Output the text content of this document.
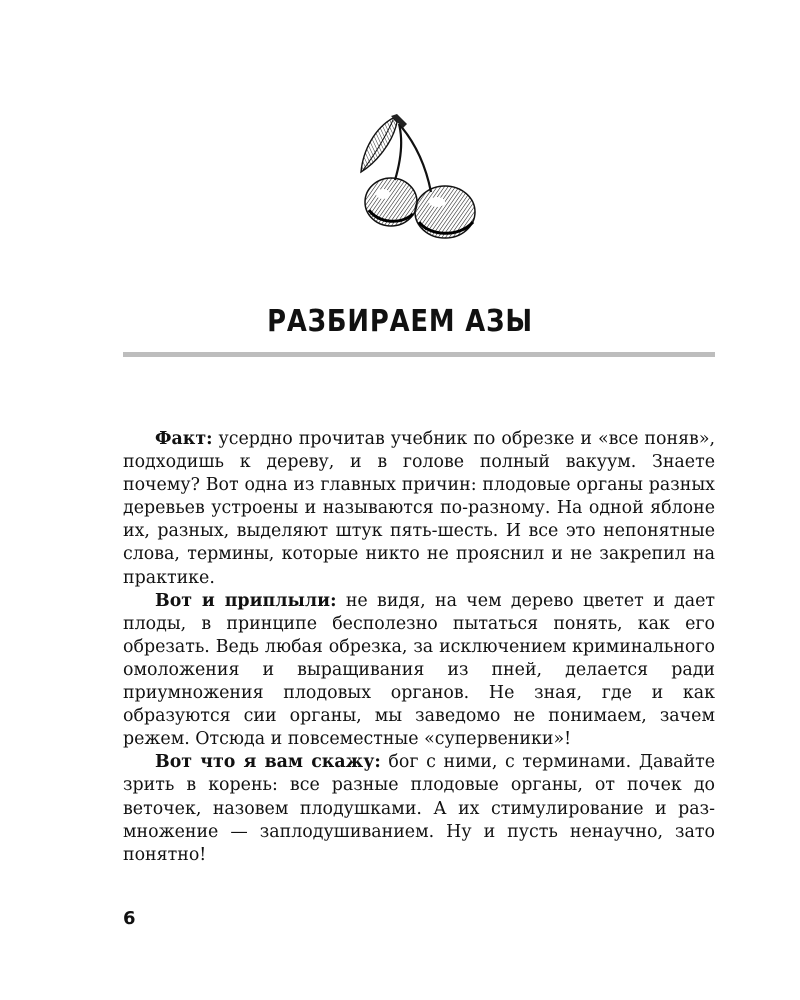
РАЗБИРАЕМ АЗЫ

Факт: усердно прочитав учебник по обрезке и «все поняв», подходишь к дереву, и в голове полный вакуум. Знаете почему? Вот одна из главных причин: плодовые органы разных деревьев устроены и называются по-разному. На одной яблоне их, разных, выделяют штук пять-шесть. И все это непонятные слова, термины, которые никто не прояснил и не закрепил на практике.

Вот и приплыли: не видя, на чем дерево цветет и дает плоды, в принципе бесполезно пытаться понять, как его обрезать. Ведь любая обрезка, за исключением криминального омоложения и выращивания из пней, делается ради приумножения плодовых органов. Не зная, где и как образуются сии органы, мы заведомо не понимаем, зачем режем. Отсюда и повсеместные «супервеники»!

Вот что я вам скажу: бог с ними, с терминами. Давайте зрить в корень: все разные плодовые органы, от почек до веточек, назовем плодушками. А их стимулирование и размножение — заплодушиванием. Ну и пусть ненаучно, зато понятно!

6
